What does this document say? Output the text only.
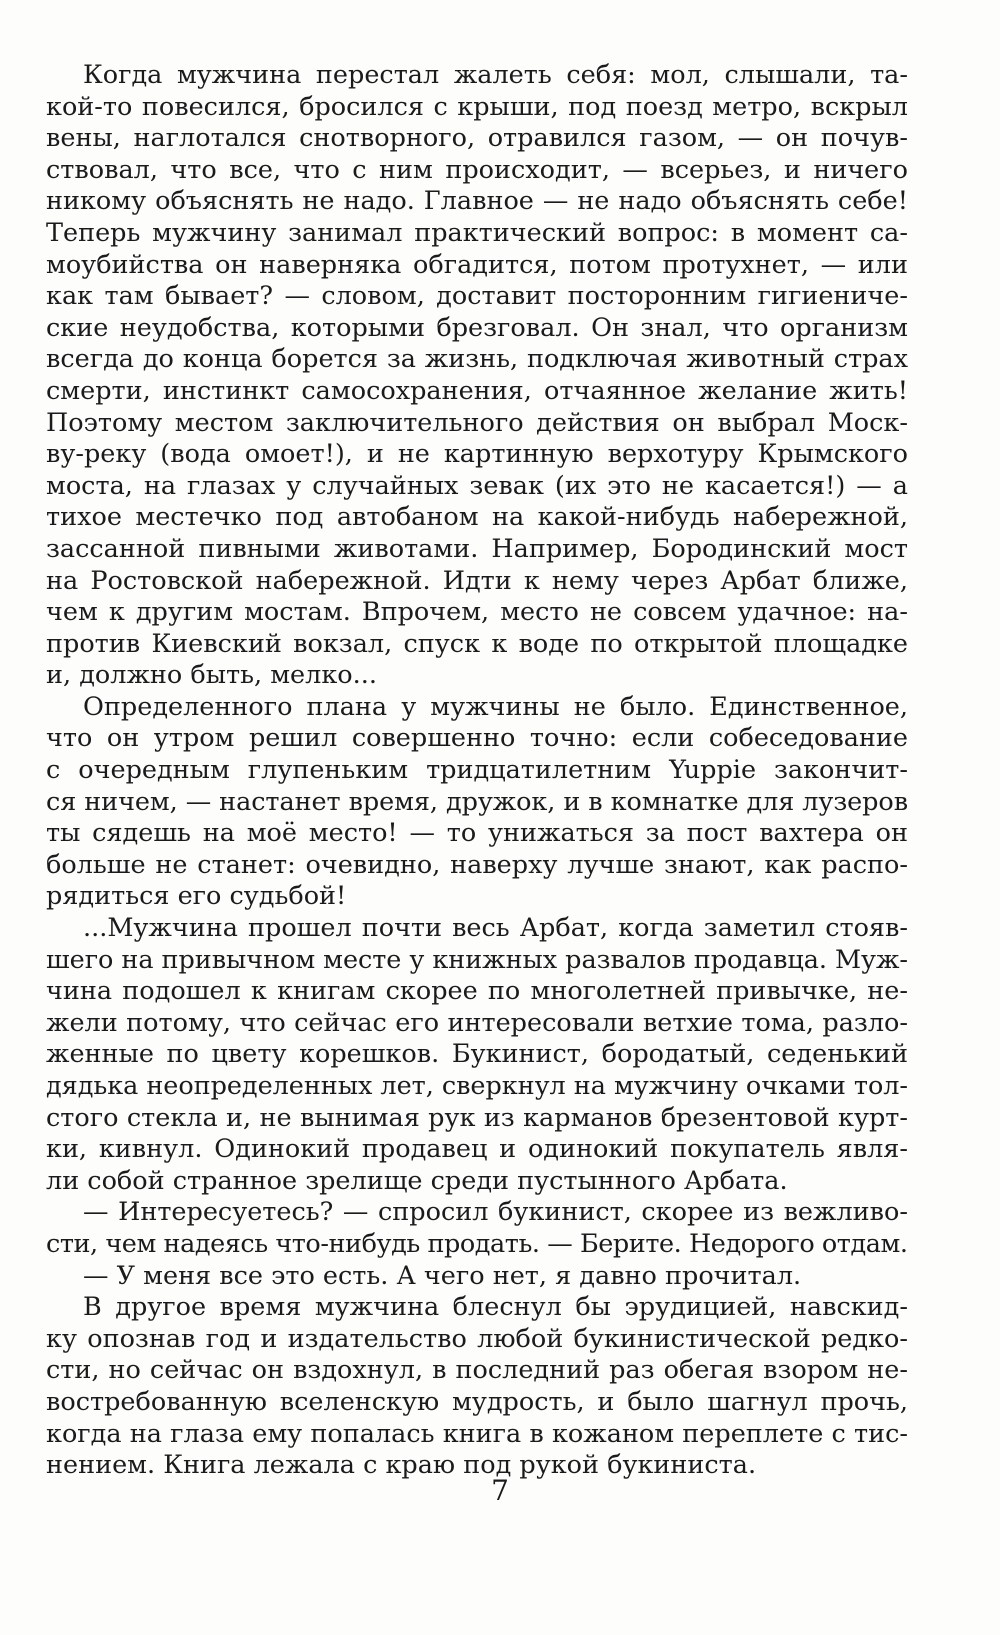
Когда мужчина перестал жалеть себя: мол, слышали, та-
кой-то повесился, бросился с крыши, под поезд метро, вскрыл
вены, наглотался снотворного, отравился газом, — он почув-
ствовал, что все, что с ним происходит, — всерьез, и ничего
никому объяснять не надо. Главное — не надо объяснять себе!
Теперь мужчину занимал практический вопрос: в момент са-
моубийства он наверняка обгадится, потом протухнет, — или
как там бывает? — словом, доставит посторонним гигиениче-
ские неудобства, которыми брезговал. Он знал, что организм
всегда до конца борется за жизнь, подключая животный страх
смерти, инстинкт самосохранения, отчаянное желание жить!
Поэтому местом заключительного действия он выбрал Моск-
ву-реку (вода омоет!), и не картинную верхотуру Крымского
моста, на глазах у случайных зевак (их это не касается!) — а
тихое местечко под автобаном на какой-нибудь набережной,
зассанной пивными животами. Например, Бородинский мост
на Ростовской набережной. Идти к нему через Арбат ближе,
чем к другим мостам. Впрочем, место не совсем удачное: на-
против Киевский вокзал, спуск к воде по открытой площадке
и, должно быть, мелко...
Определенного плана у мужчины не было. Единственное,
что он утром решил совершенно точно: если собеседование
с очередным глупеньким тридцатилетним Yuppie закончит-
ся ничем, — настанет время, дружок, и в комнатке для лузеров
ты сядешь на моё место! — то унижаться за пост вахтера он
больше не станет: очевидно, наверху лучше знают, как распо-
рядиться его судьбой!
...Мужчина прошел почти весь Арбат, когда заметил стояв-
шего на привычном месте у книжных развалов продавца. Муж-
чина подошел к книгам скорее по многолетней привычке, не-
жели потому, что сейчас его интересовали ветхие тома, разло-
женные по цвету корешков. Букинист, бородатый, седенький
дядька неопределенных лет, сверкнул на мужчину очками тол-
стого стекла и, не вынимая рук из карманов брезентовой курт-
ки, кивнул. Одинокий продавец и одинокий покупатель явля-
ли собой странное зрелище среди пустынного Арбата.
— Интересуетесь? — спросил букинист, скорее из вежливо-
сти, чем надеясь что-нибудь продать. — Берите. Недорого отдам.
— У меня все это есть. А чего нет, я давно прочитал.
В другое время мужчина блеснул бы эрудицией, навскид-
ку опознав год и издательство любой букинистической редко-
сти, но сейчас он вздохнул, в последний раз обегая взором не-
востребованную вселенскую мудрость, и было шагнул прочь,
когда на глаза ему попалась книга в кожаном переплете с тис-
нением. Книга лежала с краю под рукой букиниста.
7
